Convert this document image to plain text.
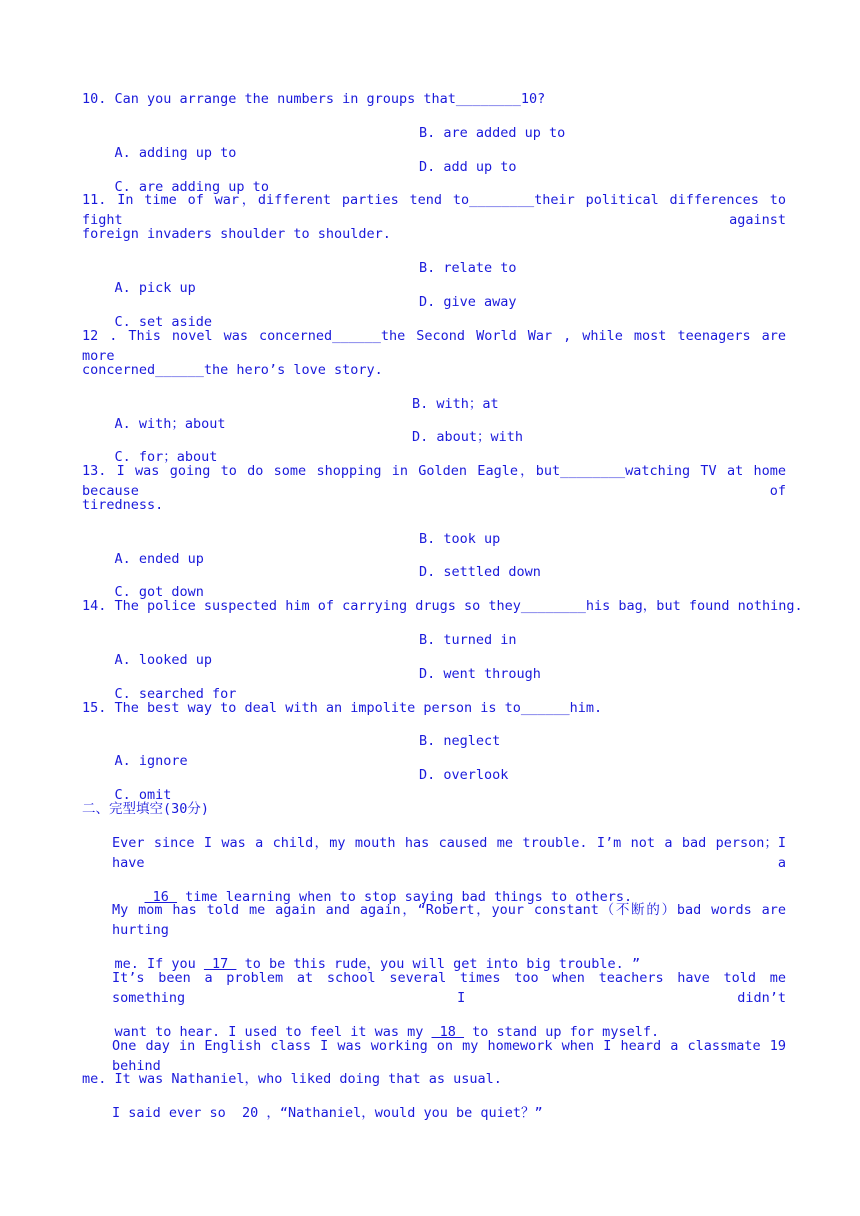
10. Can you arrange the numbers in groups that________10?

A. adding up to

B. are added up to

C. are adding up to

D. add up to

11. In time of war，different parties tend to________their political differences to fight against
foreign invaders shoulder to shoulder.

A. pick up

B. relate to

C. set aside

D. give away

12 . This novel was concerned______the Second World War , while most teenagers are more
concerned______the hero’s love story.

A. with；about

B. with；at

C. for；about

D. about；with

13. I was going to do some shopping in Golden Eagle，but________watching TV at home because of
tiredness.

A. ended up

B. took up

C. got down

D. settled down

14. The police suspected him of carrying drugs so they________his bag，but found nothing.

A. looked up

B. turned in

C. searched for

D. went through

15. The best way to deal with an impolite person is to______him.

A. ignore

B. neglect

C. omit

D. overlook

二、完型填空(30分)
Ever since I was a child，my mouth has caused me trouble. I’m not a bad person；I have a

16  time learning when to stop saying bad things to others.

My mom has told me again and again，“Robert，your constant（不断的）bad words are hurting

me. If you  17  to be this rude，you will get into big trouble. ”

It’s been a problem at school several times too when teachers have told me something I didn’t

want to hear. I used to feel it was my  18  to stand up for myself.

One day in English class I was working on my homework when I heard a classmate 19 behind
me. It was Nathaniel，who liked doing that as usual.
I said ever so  20 ，“Nathaniel，would you be quiet？”
